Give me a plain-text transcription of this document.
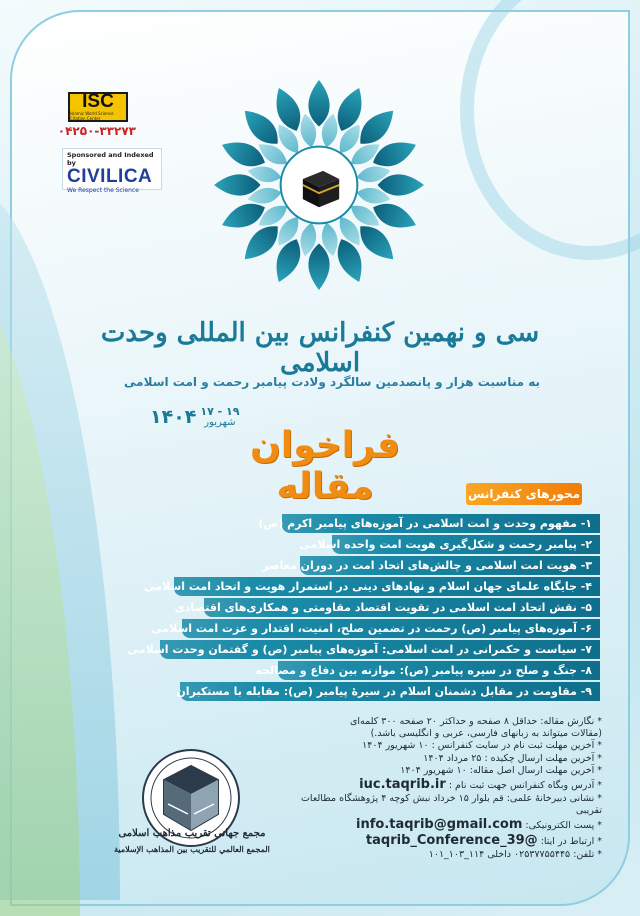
ISC
Islamic World Science Citation Center
۰۴۲۵۰-۳۳۲۷۳
Sponsored and Indexed by
CIVILICA
We Respect the Science
سی و نهمین کنفرانس بین المللی وحدت اسلامی
به مناسبت هزار و پانصدمین سالگرد ولادت پیامبر رحمت و امت اسلامی
۱۴۰۴ ۱۷ - ۱۹
شهریور
فراخوان مقاله	محورهای کنفرانس
۱- مفهوم وحدت و امت اسلامی در آموزه‌های پیامبر اکرم (ص)
۲- پیامبر رحمت و شکل‌گیری هویت امت واحده اسلامی
۳- هویت امت اسلامی و چالش‌های اتحاد امت در دوران معاصر
۴- جایگاه علمای جهان اسلام و نهادهای دینی در استمرار هویت و اتحاد امت اسلامی
۵- نقش اتحاد امت اسلامی در تقویت اقتصاد مقاومتی و همکاری‌های اقتصادی
۶- آموزه‌های پیامبر (ص) رحمت در تضمین صلح، امنیت، اقتدار و عزت امت اسلامی
۷- سیاست و حکمرانی در امت اسلامی: آموزه‌های پیامبر (ص) و گفتمان وحدت اسلامی
۸- جنگ و صلح در سیره پیامبر (ص): موازنه بین دفاع و مصالحه
۹- مقاومت در مقابل دشمنان اسلام در سیرهٔ پیامبر (ص): مقابله با مستکبران
مجمع جهانی تقریب مذاهب اسلامی
المجمع العالمي للتقريب بين المذاهب الإسلامية
* نگارش مقاله: حداقل ۸ صفحه و حداکثر ۲۰ صفحه ۳۰۰ کلمه‌ای
(مقالات میتواند به زبانهای فارسی، عربی و انگلیسی باشد.)
* آخرین مهلت ثبت نام در سایت کنفرانس : ۱۰ شهریور ۱۴۰۴
* آخرین مهلت ارسال چکیده : ۲۵ مرداد ۱۴۰۴
* آخرین مهلت ارسال اصل مقاله: ۱۰ شهریور ۱۴۰۴
* آدرس وبگاه کنفرانس جهت ثبت نام : iuc.taqrib.ir
* نشانی دبیرخانهٔ علمی: قم بلوار ۱۵ خرداد نبش کوچه ۴ پژوهشگاه مطالعات تقریبی
* پست الکترونیکی: info.taqrib@gmail.com
* ارتباط در ایتا: @taqrib_Conference_39
* تلفن: ۰۲۵۳۷۷۵۵۴۴۵ داخلی ۱۱۴_۱۰۳_۱۰۱
